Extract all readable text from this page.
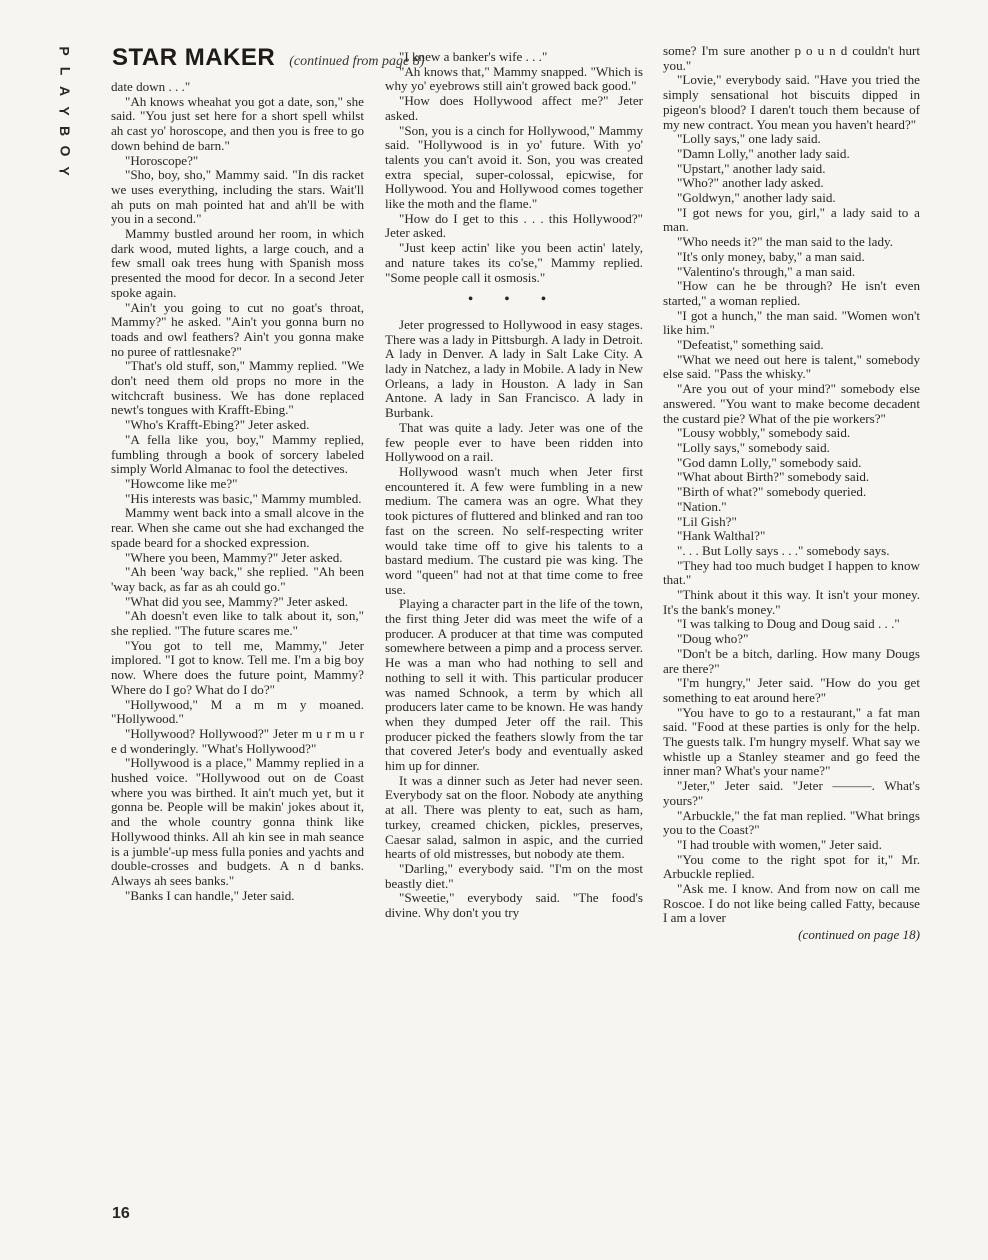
P
L
A
Y
B
O
Y
STAR MAKER (continued from page 8)

date down . . ."

"Ah knows wheahat you got a date, son," she said. "You just set here for a short spell whilst ah cast yo' horoscope, and then you is free to go down behind de barn."

"Horoscope?"

"Sho, boy, sho," Mammy said. "In dis racket we uses everything, including the stars. Wait'll ah puts on mah pointed hat and ah'll be with you in a second."

Mammy bustled around her room, in which dark wood, muted lights, a large couch, and a few small oak trees hung with Spanish moss presented the mood for decor. In a second Jeter spoke again.

"Ain't you going to cut no goat's throat, Mammy?" he asked. "Ain't you gonna burn no toads and owl feathers? Ain't you gonna make no puree of rattlesnake?"

"That's old stuff, son," Mammy replied. "We don't need them old props no more in the witchcraft business. We has done replaced newt's tongues with Krafft-Ebing."

"Who's Krafft-Ebing?" Jeter asked.

"A fella like you, boy," Mammy replied, fumbling through a book of sorcery labeled simply World Almanac to fool the detectives.

"Howcome like me?"

"His interests was basic," Mammy mumbled.

Mammy went back into a small alcove in the rear. When she came out she had exchanged the spade beard for a shocked expression.

"Where you been, Mammy?" Jeter asked.

"Ah been 'way back," she replied. "Ah been 'way back, as far as ah could go."

"What did you see, Mammy?" Jeter asked.

"Ah doesn't even like to talk about it, son," she replied. "The future scares me."

"You got to tell me, Mammy," Jeter implored. "I got to know. Tell me. I'm a big boy now. Where does the future point, Mammy? Where do I go? What do I do?"

"Hollywood," M a m m y moaned. "Hollywood."

"Hollywood? Hollywood?" Jeter m u r m u r e d wonderingly. "What's Hollywood?"

"Hollywood is a place," Mammy replied in a hushed voice. "Hollywood out on de Coast where you was birthed. It ain't much yet, but it gonna be. People will be makin' jokes about it, and the whole country gonna think like Hollywood thinks. All ah kin see in mah seance is a jumble'-up mess fulla ponies and yachts and double-crosses and budgets. A n d banks. Always ah sees banks."

"Banks I can handle," Jeter said.

"I knew a banker's wife . . ."

"Ah knows that," Mammy snapped. "Which is why yo' eyebrows still ain't growed back good."

"How does Hollywood affect me?" Jeter asked.

"Son, you is a cinch for Hollywood," Mammy said. "Hollywood is in yo' future. With yo' talents you can't avoid it. Son, you was created extra special, super-colossal, epicwise, for Hollywood. You and Hollywood comes together like the moth and the flame."

"How do I get to this . . . this Hollywood?" Jeter asked.

"Just keep actin' like you been actin' lately, and nature takes its co'se," Mammy replied. "Some people call it osmosis."

• • •

Jeter progressed to Hollywood in easy stages. There was a lady in Pittsburgh. A lady in Detroit. A lady in Denver. A lady in Salt Lake City. A lady in Natchez, a lady in Mobile. A lady in New Orleans, a lady in Houston. A lady in San Antone. A lady in San Francisco. A lady in Burbank.

That was quite a lady. Jeter was one of the few people ever to have been ridden into Hollywood on a rail.

Hollywood wasn't much when Jeter first encountered it. A few were fumbling in a new medium. The camera was an ogre. What they took pictures of fluttered and blinked and ran too fast on the screen. No self-respecting writer would take time off to give his talents to a bastard medium. The custard pie was king. The word "queen" had not at that time come to free use.

Playing a character part in the life of the town, the first thing Jeter did was meet the wife of a producer. A producer at that time was computed somewhere between a pimp and a process server. He was a man who had nothing to sell and nothing to sell it with. This particular producer was named Schnook, a term by which all producers later came to be known. He was handy when they dumped Jeter off the rail. This producer picked the feathers slowly from the tar that covered Jeter's body and eventually asked him up for dinner.

It was a dinner such as Jeter had never seen. Everybody sat on the floor. Nobody ate anything at all. There was plenty to eat, such as ham, turkey, creamed chicken, pickles, preserves, Caesar salad, salmon in aspic, and the curried hearts of old mistresses, but nobody ate them.

"Darling," everybody said. "I'm on the most beastly diet."

"Sweetie," everybody said. "The food's divine. Why don't you try

some? I'm sure another p o u n d couldn't hurt you."

"Lovie," everybody said. "Have you tried the simply sensational hot biscuits dipped in pigeon's blood? I daren't touch them because of my new contract. You mean you haven't heard?"

"Lolly says," one lady said.

"Damn Lolly," another lady said.

"Upstart," another lady said.

"Who?" another lady asked.

"Goldwyn," another lady said.

"I got news for you, girl," a lady said to a man.

"Who needs it?" the man said to the lady.

"It's only money, baby," a man said.

"Valentino's through," a man said.

"How can he be through? He isn't even started," a woman replied.

"I got a hunch," the man said. "Women won't like him."

"Defeatist," something said.

"What we need out here is talent," somebody else said. "Pass the whisky."

"Are you out of your mind?" somebody else answered. "You want to make become decadent the custard pie? What of the pie workers?"

"Lousy wobbly," somebody said.

"Lolly says," somebody said.

"God damn Lolly," somebody said.

"What about Birth?" somebody said.

"Birth of what?" somebody queried.

"Nation."

"Lil Gish?"

"Hank Walthal?"

". . . But Lolly says . . ." somebody says.

"They had too much budget I happen to know that."

"Think about it this way. It isn't your money. It's the bank's money."

"I was talking to Doug and Doug said . . ."

"Doug who?"

"Don't be a bitch, darling. How many Dougs are there?"

"I'm hungry," Jeter said. "How do you get something to eat around here?"

"You have to go to a restaurant," a fat man said. "Food at these parties is only for the help. The guests talk. I'm hungry myself. What say we whistle up a Stanley steamer and go feed the inner man? What's your name?"

"Jeter," Jeter said. "Jeter ———. What's yours?"

"Arbuckle," the fat man replied. "What brings you to the Coast?"

"I had trouble with women," Jeter said.

"You come to the right spot for it," Mr. Arbuckle replied.

"Ask me. I know. And from now on call me Roscoe. I do not like being called Fatty, because I am a lover

(continued on page 18)
16
